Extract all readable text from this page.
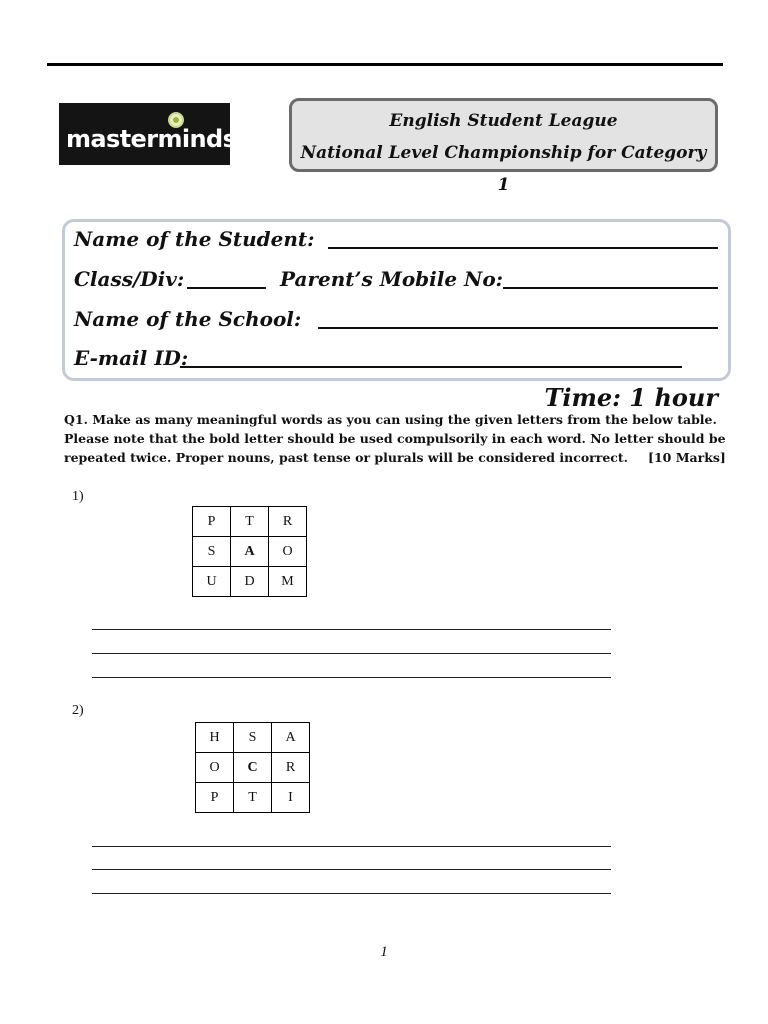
masterminds
English Student League
National Level Championship for Category 1
Name of the Student:
Class/Div:	Parent’s Mobile No:
Name of the School:
E-mail ID:
Time: 1 hour
Q1. Make as many meaningful words as you can using the given letters from the below table.
Please note that the bold letter should be used compulsorily in each word. No letter should be
repeated twice. Proper nouns, past tense or plurals will be considered incorrect. [10 Marks]
1)
P	T	R
S	A	O
U	D	M
2)
H	S	A
O	C	R
P	T	I
1
